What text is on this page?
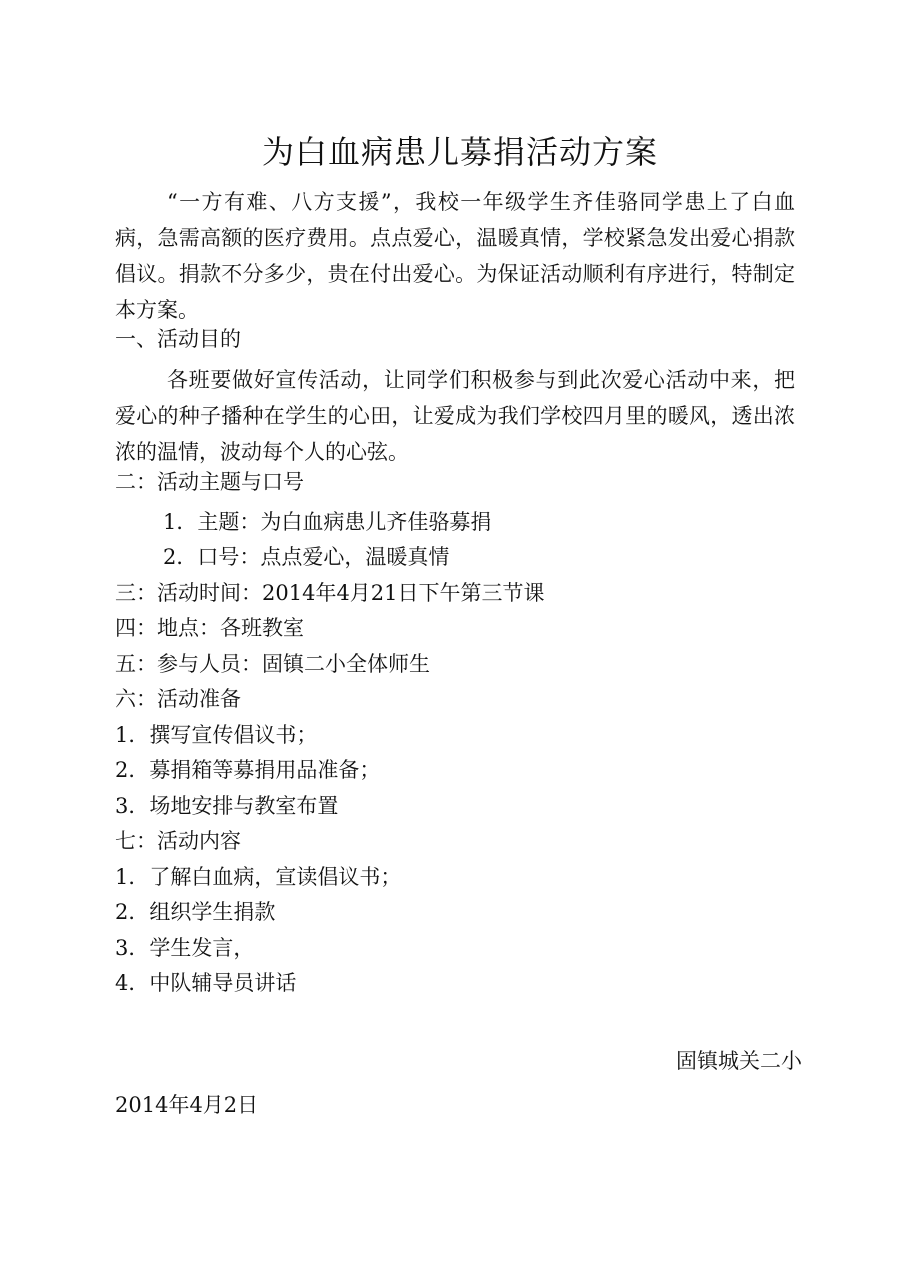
为白血病患儿募捐活动方案
“一方有难、八方支援”，我校一年级学生齐佳骆同学患上了白血病，急需高额的医疗费用。点点爱心，温暖真情，学校紧急发出爱心捐款倡议。捐款不分多少，贵在付出爱心。为保证活动顺利有序进行，特制定本方案。
一、活动目的
各班要做好宣传活动，让同学们积极参与到此次爱心活动中来，把爱心的种子播种在学生的心田，让爱成为我们学校四月里的暖风，透出浓浓的温情，波动每个人的心弦。
二：活动主题与口号
1．主题：为白血病患儿齐佳骆募捐
2．口号：点点爱心，温暖真情
三：活动时间：2014年4月21日下午第三节课
四：地点：各班教室
五：参与人员：固镇二小全体师生
六：活动准备
1．撰写宣传倡议书；
2．募捐箱等募捐用品准备；
3．场地安排与教室布置
七：活动内容
1．了解白血病，宣读倡议书；
2．组织学生捐款
3．学生发言，
4．中队辅导员讲话
固镇城关二小
2014年4月2日
